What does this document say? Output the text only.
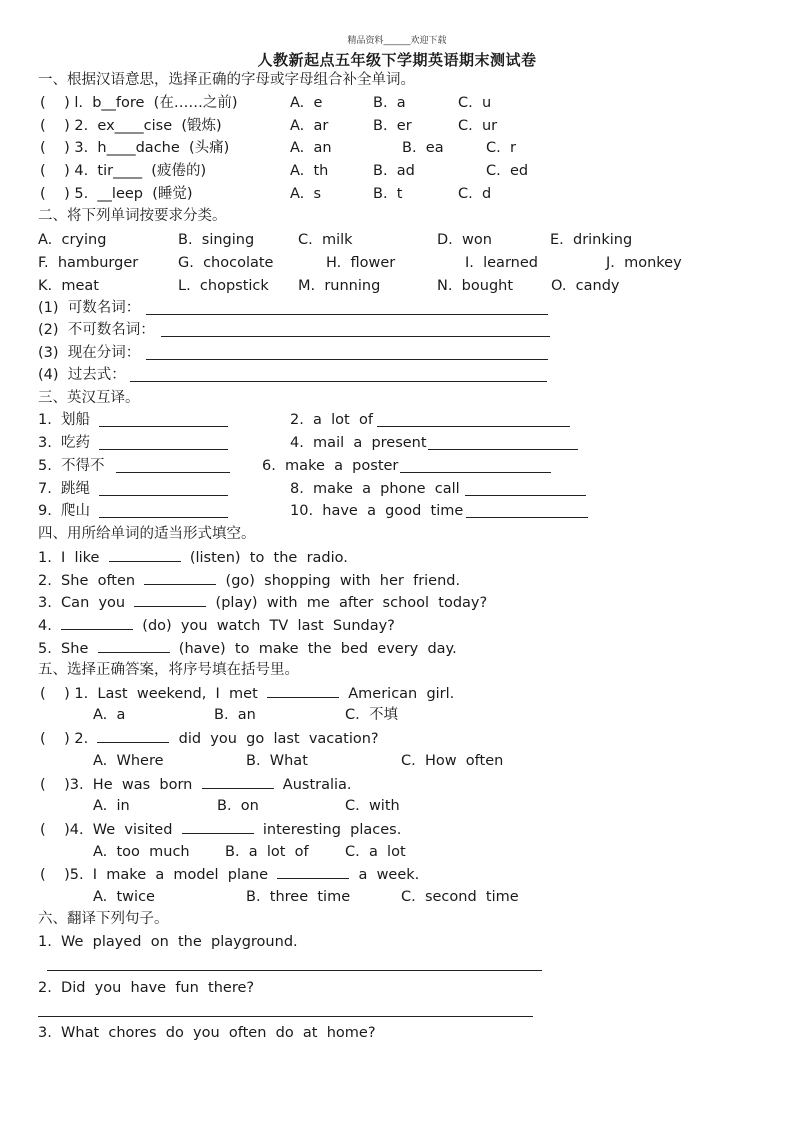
精品资料______欢迎下载
人教新起点五年级下学期英语期末测试卷
一、根据汉语意思，选择正确的字母或字母组合补全单词。
(    ) l.  b__fore  (在……之前)	A.  e	B.  a	C.  u
(    ) 2.  ex____cise  (锻炼)	A.  ar	B.  er	C.  ur
(    ) 3.  h____dache  (头痛)	A.  an	B.  ea	C.  r
(    ) 4.  tir____  (疲倦的)	A.  th	B.  ad	C.  ed
(    ) 5.  __leep  (睡觉)	A.  s	B.  t	C.  d
二、将下列单词按要求分类。
A.  crying	B.  singing	C.  milk	D.  won	E.  drinking
F.  hamburger	G.  chocolate	H.  flower	I.  learned	J.  monkey
K.  meat	L.  chopstick M.  running	N.  bought	O.  candy
(1)  可数名词：
(2)  不可数名词：
(3)  现在分词：
(4)  过去式：
三、英汉互译。
1.  划船	2.  a  lot  of
3.  吃药	4.  mail  a  present
5.  不得不	6.  make  a  poster
7.  跳绳	8.  make  a  phone  call
9.  爬山	10.  have  a  good  time
四、用所给单词的适当形式填空。
1.  I  like	(listen)  to  the  radio.
2.  She  often	(go)  shopping  with  her  friend.
3.  Can  you	(play)  with  me  after  school  today?
4.	(do)  you  watch  TV  last  Sunday?
5.  She	(have)  to  make  the  bed  every  day.
五、选择正确答案，将序号填在括号里。
(    ) 1.  Last  weekend,  I  met	American  girl.
A.  a	B.  an	C.  不填
(    ) 2.	did  you  go  last  vacation?
A.  Where	B.  What	C.  How  often
(    )3.  He  was  born	Australia.
A.  in	B.  on	C.  with
(    )4.  We  visited	interesting  places.
A.  too  much B.  a  lot  of	C.  a  lot
(    )5.  I  make  a  model  plane	a  week.
A.  twice	B.  three  time	C.  second  time
六、翻译下列句子。
1.  We  played  on  the  playground.
2.  Did  you  have  fun  there?
3.  What  chores  do  you  often  do  at  home?
